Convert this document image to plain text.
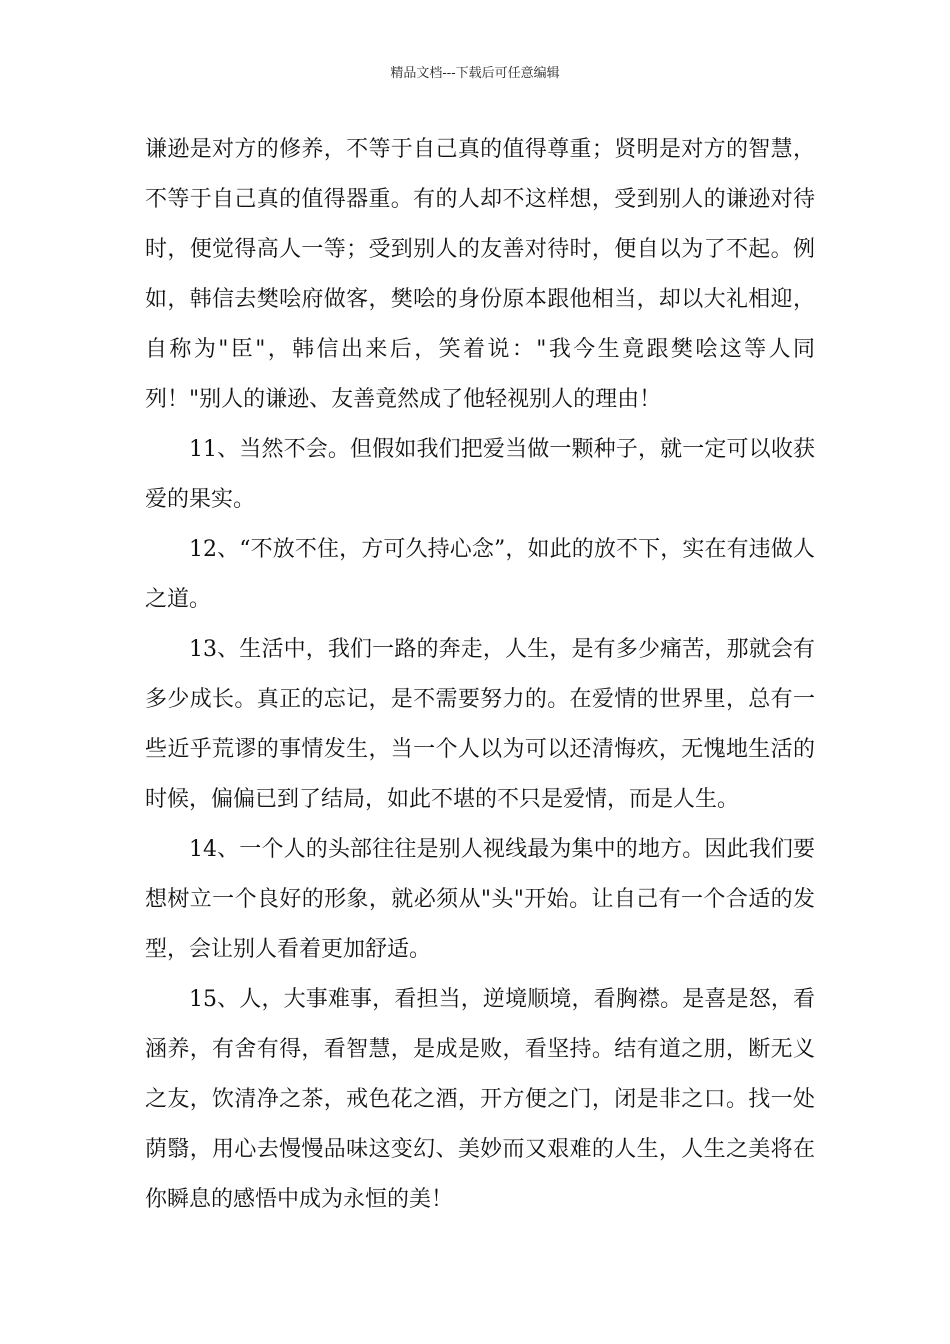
精品文档---下载后可任意编辑

谦逊是对方的修养，不等于自己真的值得尊重；贤明是对方的智慧，不等于自己真的值得器重。有的人却不这样想，受到别人的谦逊对待时，便觉得高人一等；受到别人的友善对待时，便自以为了不起。例如，韩信去樊哙府做客，樊哙的身份原本跟他相当，却以大礼相迎，自称为"臣"，韩信出来后，笑着说："我今生竟跟樊哙这等人同列！"别人的谦逊、友善竟然成了他轻视别人的理由！

11、当然不会。但假如我们把爱当做一颗种子，就一定可以收获爱的果实。

12、“不放不住，方可久持心念”，如此的放不下，实在有违做人之道。

13、生活中，我们一路的奔走，人生，是有多少痛苦，那就会有多少成长。真正的忘记，是不需要努力的。在爱情的世界里，总有一些近乎荒谬的事情发生，当一个人以为可以还清悔疚，无愧地生活的时候，偏偏已到了结局，如此不堪的不只是爱情，而是人生。

14、一个人的头部往往是别人视线最为集中的地方。因此我们要想树立一个良好的形象，就必须从"头"开始。让自己有一个合适的发型，会让别人看着更加舒适。

15、人，大事难事，看担当，逆境顺境，看胸襟。是喜是怒，看涵养，有舍有得，看智慧，是成是败，看坚持。结有道之朋，断无义之友，饮清净之茶，戒色花之酒，开方便之门，闭是非之口。找一处荫翳，用心去慢慢品味这变幻、美妙而又艰难的人生，人生之美将在你瞬息的感悟中成为永恒的美！
